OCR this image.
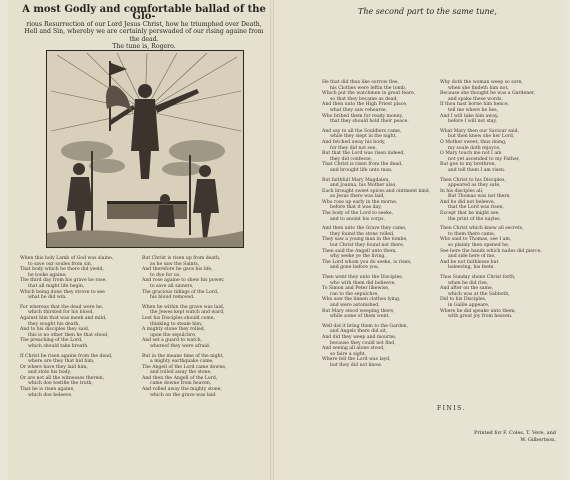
A most Godly and comfortable ballad of the Glo-
rious Resurrection of our Lord Jesus Christ, how he triumphed over Death,
Hell and Sin, whereby we are certainly perswaded of our rising againe from the dead.
The tune is, Rogero.
When this holy Lamb of God was slaine,
to save our soules from sin,
That body which he there did yeeld,
he tooke againe;
The third day from his grave he rose,
that all might life begin,
Which being done they strove to see
what he did win.
For whereas that the dead were he,
which thirsted for his blood,
Against him that was meek and mild,
they sought his death,
And to his disciples they said,
this is no other then he that stood,
The preaching of the Lord,
which should take breath.
If Christ be risen againe from the dead,
where are they that hid him,
Or where have they laid him,
and stole his body,
Or are not all the witnesses therein,
which doe testifie the truth,
That he is risen againe,
which doe beleeve.
But Christ is risen up from death,
as he saw the Saints,
And therefore he gave his life,
to dye for us,
And rose againe to shew his power,
to save all sinners,
The gracious tidings of the Lord,
his bloud removed.
When he within the grave was laid,
the Jewes kept watch and ward,
Lest his Disciples should come,
thinking to steale him,
A mighty stone they rolled,
upon the sepulchre,
And set a guard to watch,
whereof they were afraid.
But in the meane time of the night,
a mighty earthquake came,
The Angell of the Lord came downe,
and rolled away the stone,
And then the Angell of the Lord,
came downe from heaven,
And rolled away the mighty stone,
which on the grave was laid.
The second part to the same tune,
He that did thus like sorrow flee,
his Clothes were leftin the tomb,
Which put the watchmen in great feare,
so that they became as dead,
And then unto the High Priest place,
what they saw rehearse,
Who bribed them for ready money,
that they should hold their peace.
And say to all the Souldiers came,
while they slept in the night,
And fetched away his body,
for they did not see,
But that the Lord was risen indeed,
they did confesse,
That Christ is risen from the dead,
and brought life unto man.
But faithfull Mary Magdalen,
and Joanna, his Mother also,
Each brought sweet spices and ointment kind,
as Jesus there was laid,
Who rose up early in the morne,
before that it was day,
The body of the Lord to seeke,
and to anoint his corps.
And then unto the Grave they came,
they found the stone rolled,
They saw a young man in the tombe,
but Christ they found not there,
Then said the Angell unto them,
why seeke ye the living,
The Lord whom you do seeke, is risen,
and gone before you.
Then went they unto the Disciples,
who with them did belieeve,
To Simon and Peter likewise,
ran to the sepulchre,
Who saw the linnen clothes lying,
and were astonished,
But Mary stood weeping there,
while some of them went.
Well did it bring them to the Garden,
and Angels there did sit,
And did they weep and mourne,
because they could not find,
And seeing all alone stood,
so faire a sight,
Where fell the Lord was layd,
but they did not know.
Why doth the woman weep so sore,
when she findeth him not,
Because she thought he was a Gardener,
and spake these words,
If thou hast borne him hence,
tell me where he lies,
And I will take him away,
before I will not stay.
What Mary then our Saviour said,
but then knew she her Lord,
O Mother sweet, thus doing,
my soule doth rejoyce,
O Mary touch me not I am
not yet ascended to my Father,
But goe to my brethren,
and tell them I am risen.
Then Christ to his Disciples,
appeared as they sate,
In his disciples all,
But Thomas was not there,
And he did not beleeve,
that the Lord was risen,
Except that he might see,
the print of the nayles.
Then Christ which knew all secrets,
to them there came,
Who said to Thomas, see I am,
so plainly then opened he,
See here the hands which nailes did pierce,
and side here of me,
And be not faithlesse but
beleeving, his feete.
Thus Sunday shone Christ forth,
when he did rise,
And after on the same,
which was at the Sabboth,
Did to his Disciples,
in Galile appeare,
Where he did speake unto them,
with great joy from heaven.
FINIS.
Printed for F. Coles, T. Vere, and
W. Gilbertson.
